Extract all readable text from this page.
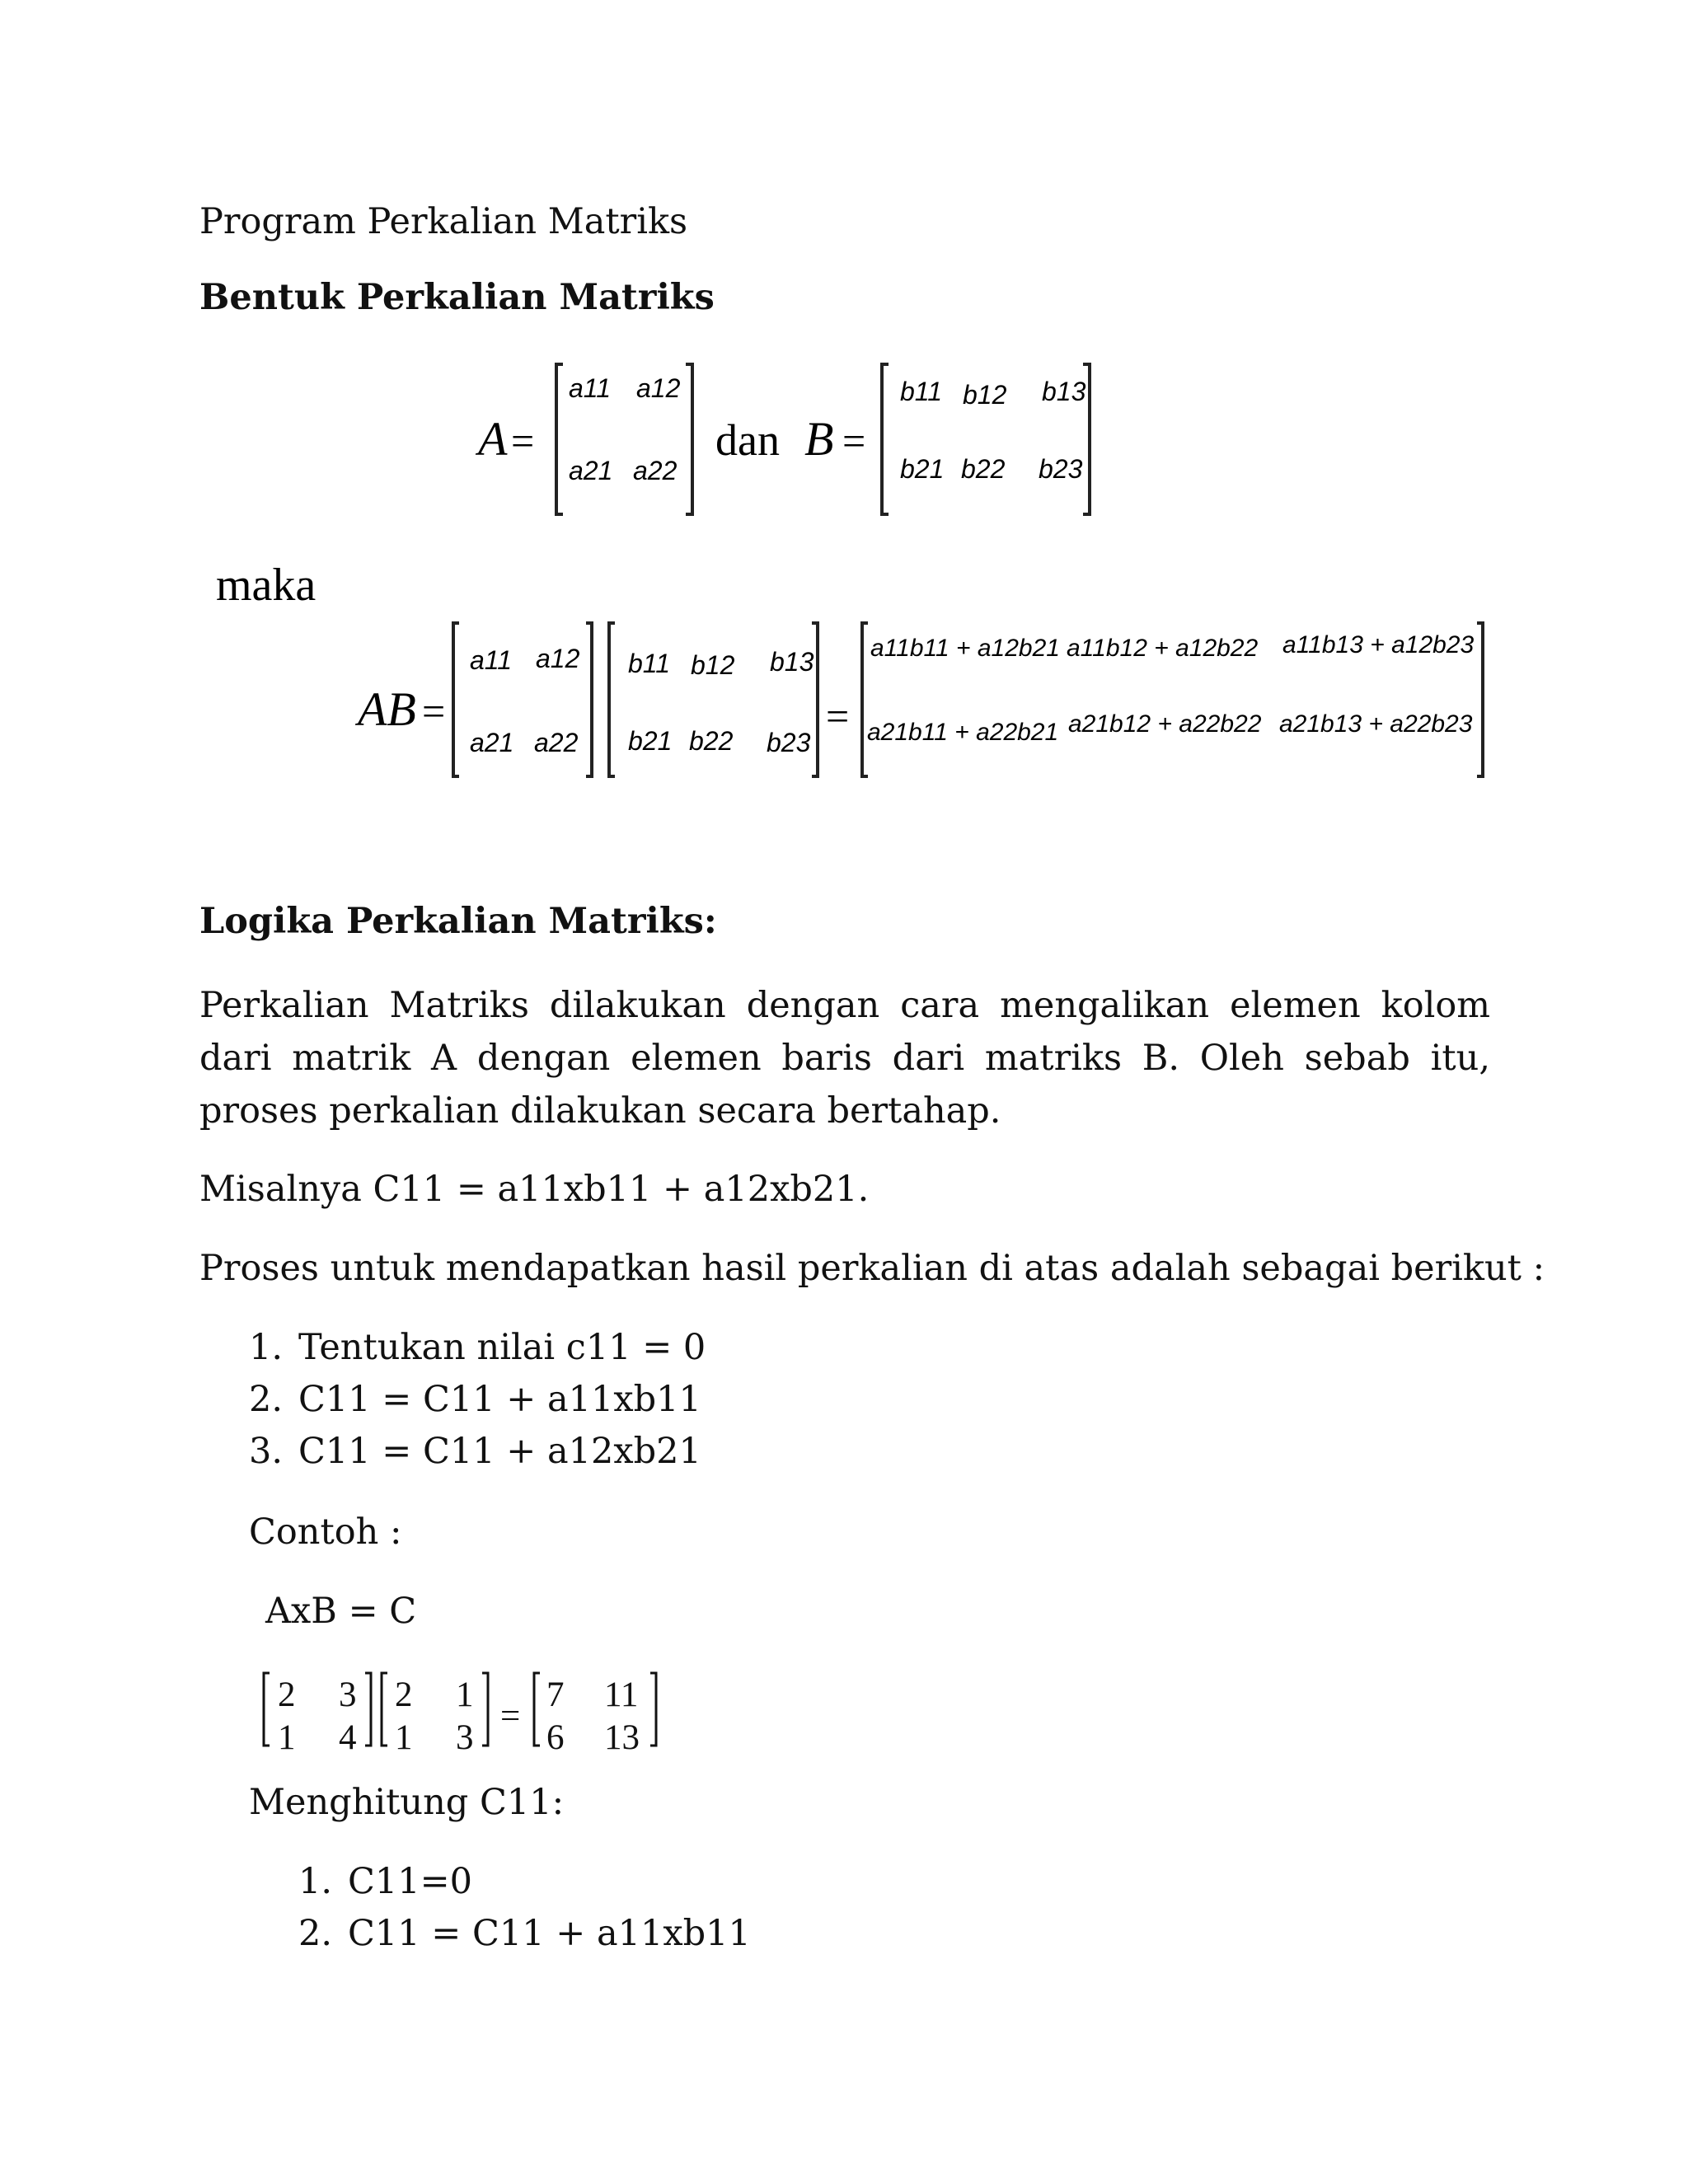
Program Perkalian Matriks
Bentuk Perkalian Matriks
A =
a11 a12
a21 a22
dan B =
b11 b12 b13
b21 b22 b23
maka
AB =
a11 a12
a21 a22
b11 b12 b13
b21 b22 b23
=
a11b11 + a12b21 a11b12 + a12b22 a11b13 + a12b23
a21b11 + a22b21 a21b12 + a22b22 a21b13 + a22b23
Logika Perkalian Matriks:

Perkalian Matriks dilakukan dengan cara mengalikan elemen kolom dari matrik A dengan elemen baris dari matriks B. Oleh sebab itu, proses perkalian dilakukan secara bertahap.

Misalnya C11 = a11xb11 + a12xb21.
Proses untuk mendapatkan hasil perkalian di atas adalah sebagai berikut :
1. Tentukan nilai c11 = 0
2. C11 = C11 + a11xb11
3. C11 = C11 + a12xb21
Contoh :
AxB = C
2 3
1 4
2 1
1 3
=
7 11
6 13
Menghitung C11:
1. C11=0
2. C11 = C11 + a11xb11
